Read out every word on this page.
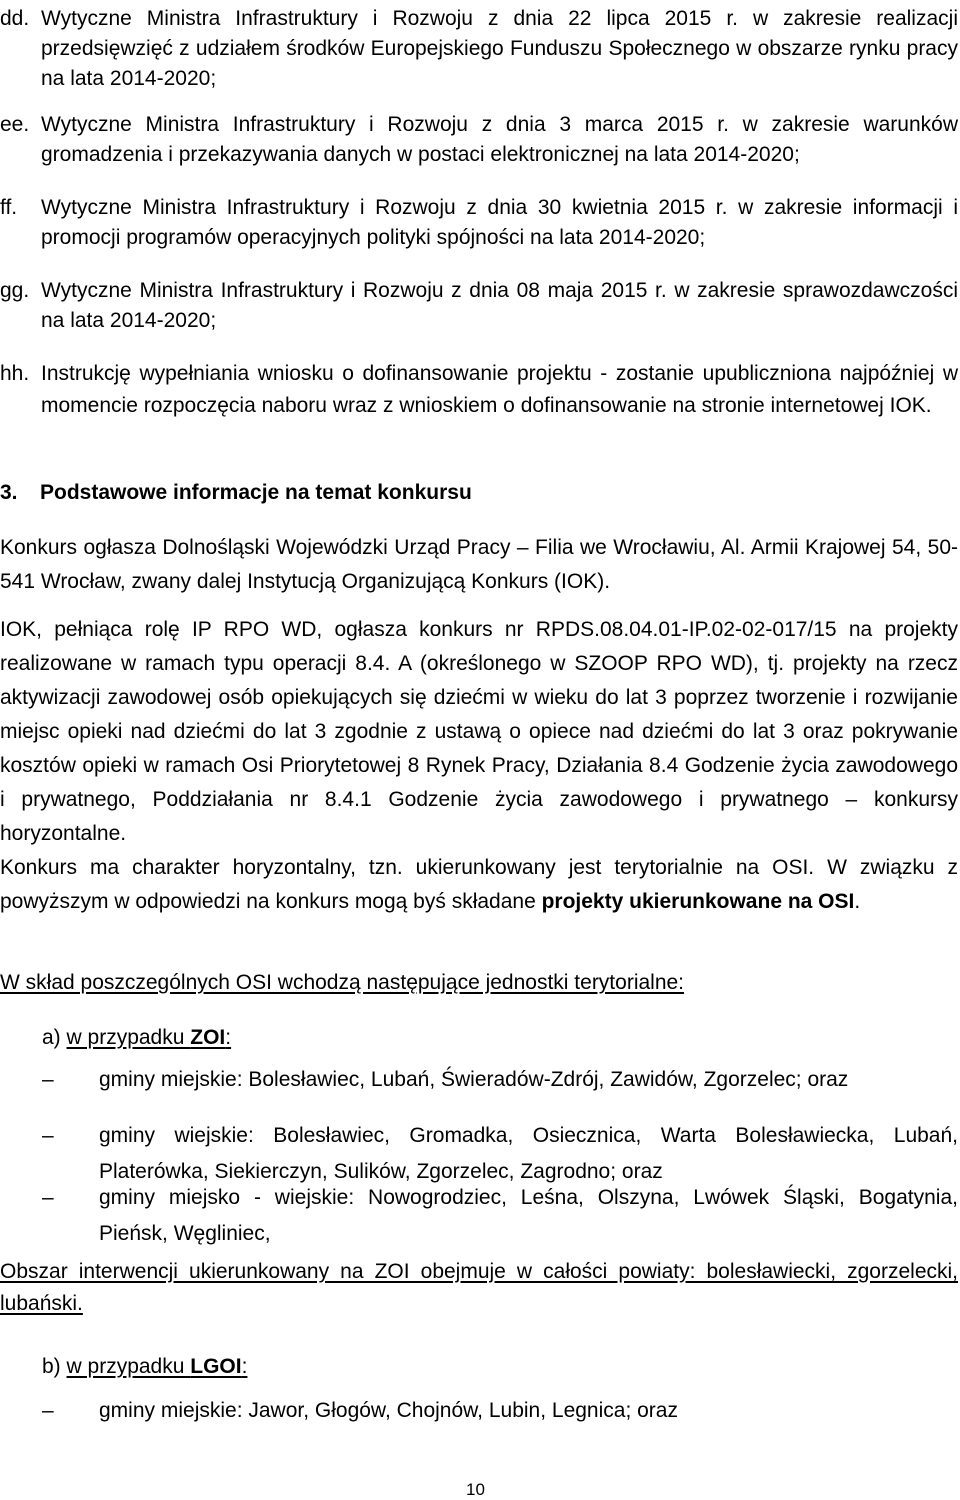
dd. Wytyczne Ministra Infrastruktury i Rozwoju z dnia 22 lipca 2015 r. w zakresie realizacji przedsięwzięć z udziałem środków Europejskiego Funduszu Społecznego w obszarze rynku pracy na lata 2014-2020;
ee. Wytyczne Ministra Infrastruktury i Rozwoju z dnia 3 marca 2015 r. w zakresie warunków gromadzenia i przekazywania danych w postaci elektronicznej na lata 2014-2020;
ff. Wytyczne Ministra Infrastruktury i Rozwoju z dnia 30 kwietnia 2015 r. w zakresie informacji i promocji programów operacyjnych polityki spójności na lata 2014-2020;
gg. Wytyczne Ministra Infrastruktury i Rozwoju z dnia 08 maja 2015 r. w zakresie sprawozdawczości na lata 2014-2020;
hh. Instrukcję wypełniania wniosku o dofinansowanie projektu - zostanie upubliczniona najpóźniej w momencie rozpoczęcia naboru wraz z wnioskiem o dofinansowanie na stronie internetowej IOK.
3. Podstawowe informacje na temat konkursu
Konkurs ogłasza Dolnośląski Wojewódzki Urząd Pracy – Filia we Wrocławiu, Al. Armii Krajowej 54, 50-541 Wrocław, zwany dalej Instytucją Organizującą Konkurs (IOK).
IOK, pełniąca rolę IP RPO WD, ogłasza konkurs nr RPDS.08.04.01-IP.02-02-017/15 na projekty realizowane w ramach typu operacji 8.4. A (określonego w SZOOP RPO WD), tj. projekty na rzecz aktywizacji zawodowej osób opiekujących się dziećmi w wieku do lat 3 poprzez tworzenie i rozwijanie miejsc opieki nad dziećmi do lat 3 zgodnie z ustawą o opiece nad dziećmi do lat 3 oraz pokrywanie kosztów opieki w ramach Osi Priorytetowej 8 Rynek Pracy, Działania 8.4 Godzenie życia zawodowego i prywatnego, Poddziałania nr 8.4.1 Godzenie życia zawodowego i prywatnego – konkursy horyzontalne.
Konkurs ma charakter horyzontalny, tzn. ukierunkowany jest terytorialnie na OSI. W związku z powyższym w odpowiedzi na konkurs mogą byś składane projekty ukierunkowane na OSI.
W skład poszczególnych OSI wchodzą następujące jednostki terytorialne:
a) w przypadku ZOI:
–	gminy miejskie: Bolesławiec, Lubań, Świeradów-Zdrój, Zawidów, Zgorzelec; oraz
–	gminy wiejskie: Bolesławiec, Gromadka, Osiecznica, Warta Bolesławiecka, Lubań, Platerówka, Siekierczyn, Sulików, Zgorzelec, Zagrodno; oraz
–	gminy miejsko - wiejskie: Nowogrodziec, Leśna, Olszyna, Lwówek Śląski, Bogatynia, Pieńsk, Węgliniec,
Obszar interwencji ukierunkowany na ZOI obejmuje w całości powiaty: bolesławiecki, zgorzelecki, lubański.
b) w przypadku LGOI:
–	gminy miejskie: Jawor, Głogów, Chojnów, Lubin, Legnica; oraz
10
